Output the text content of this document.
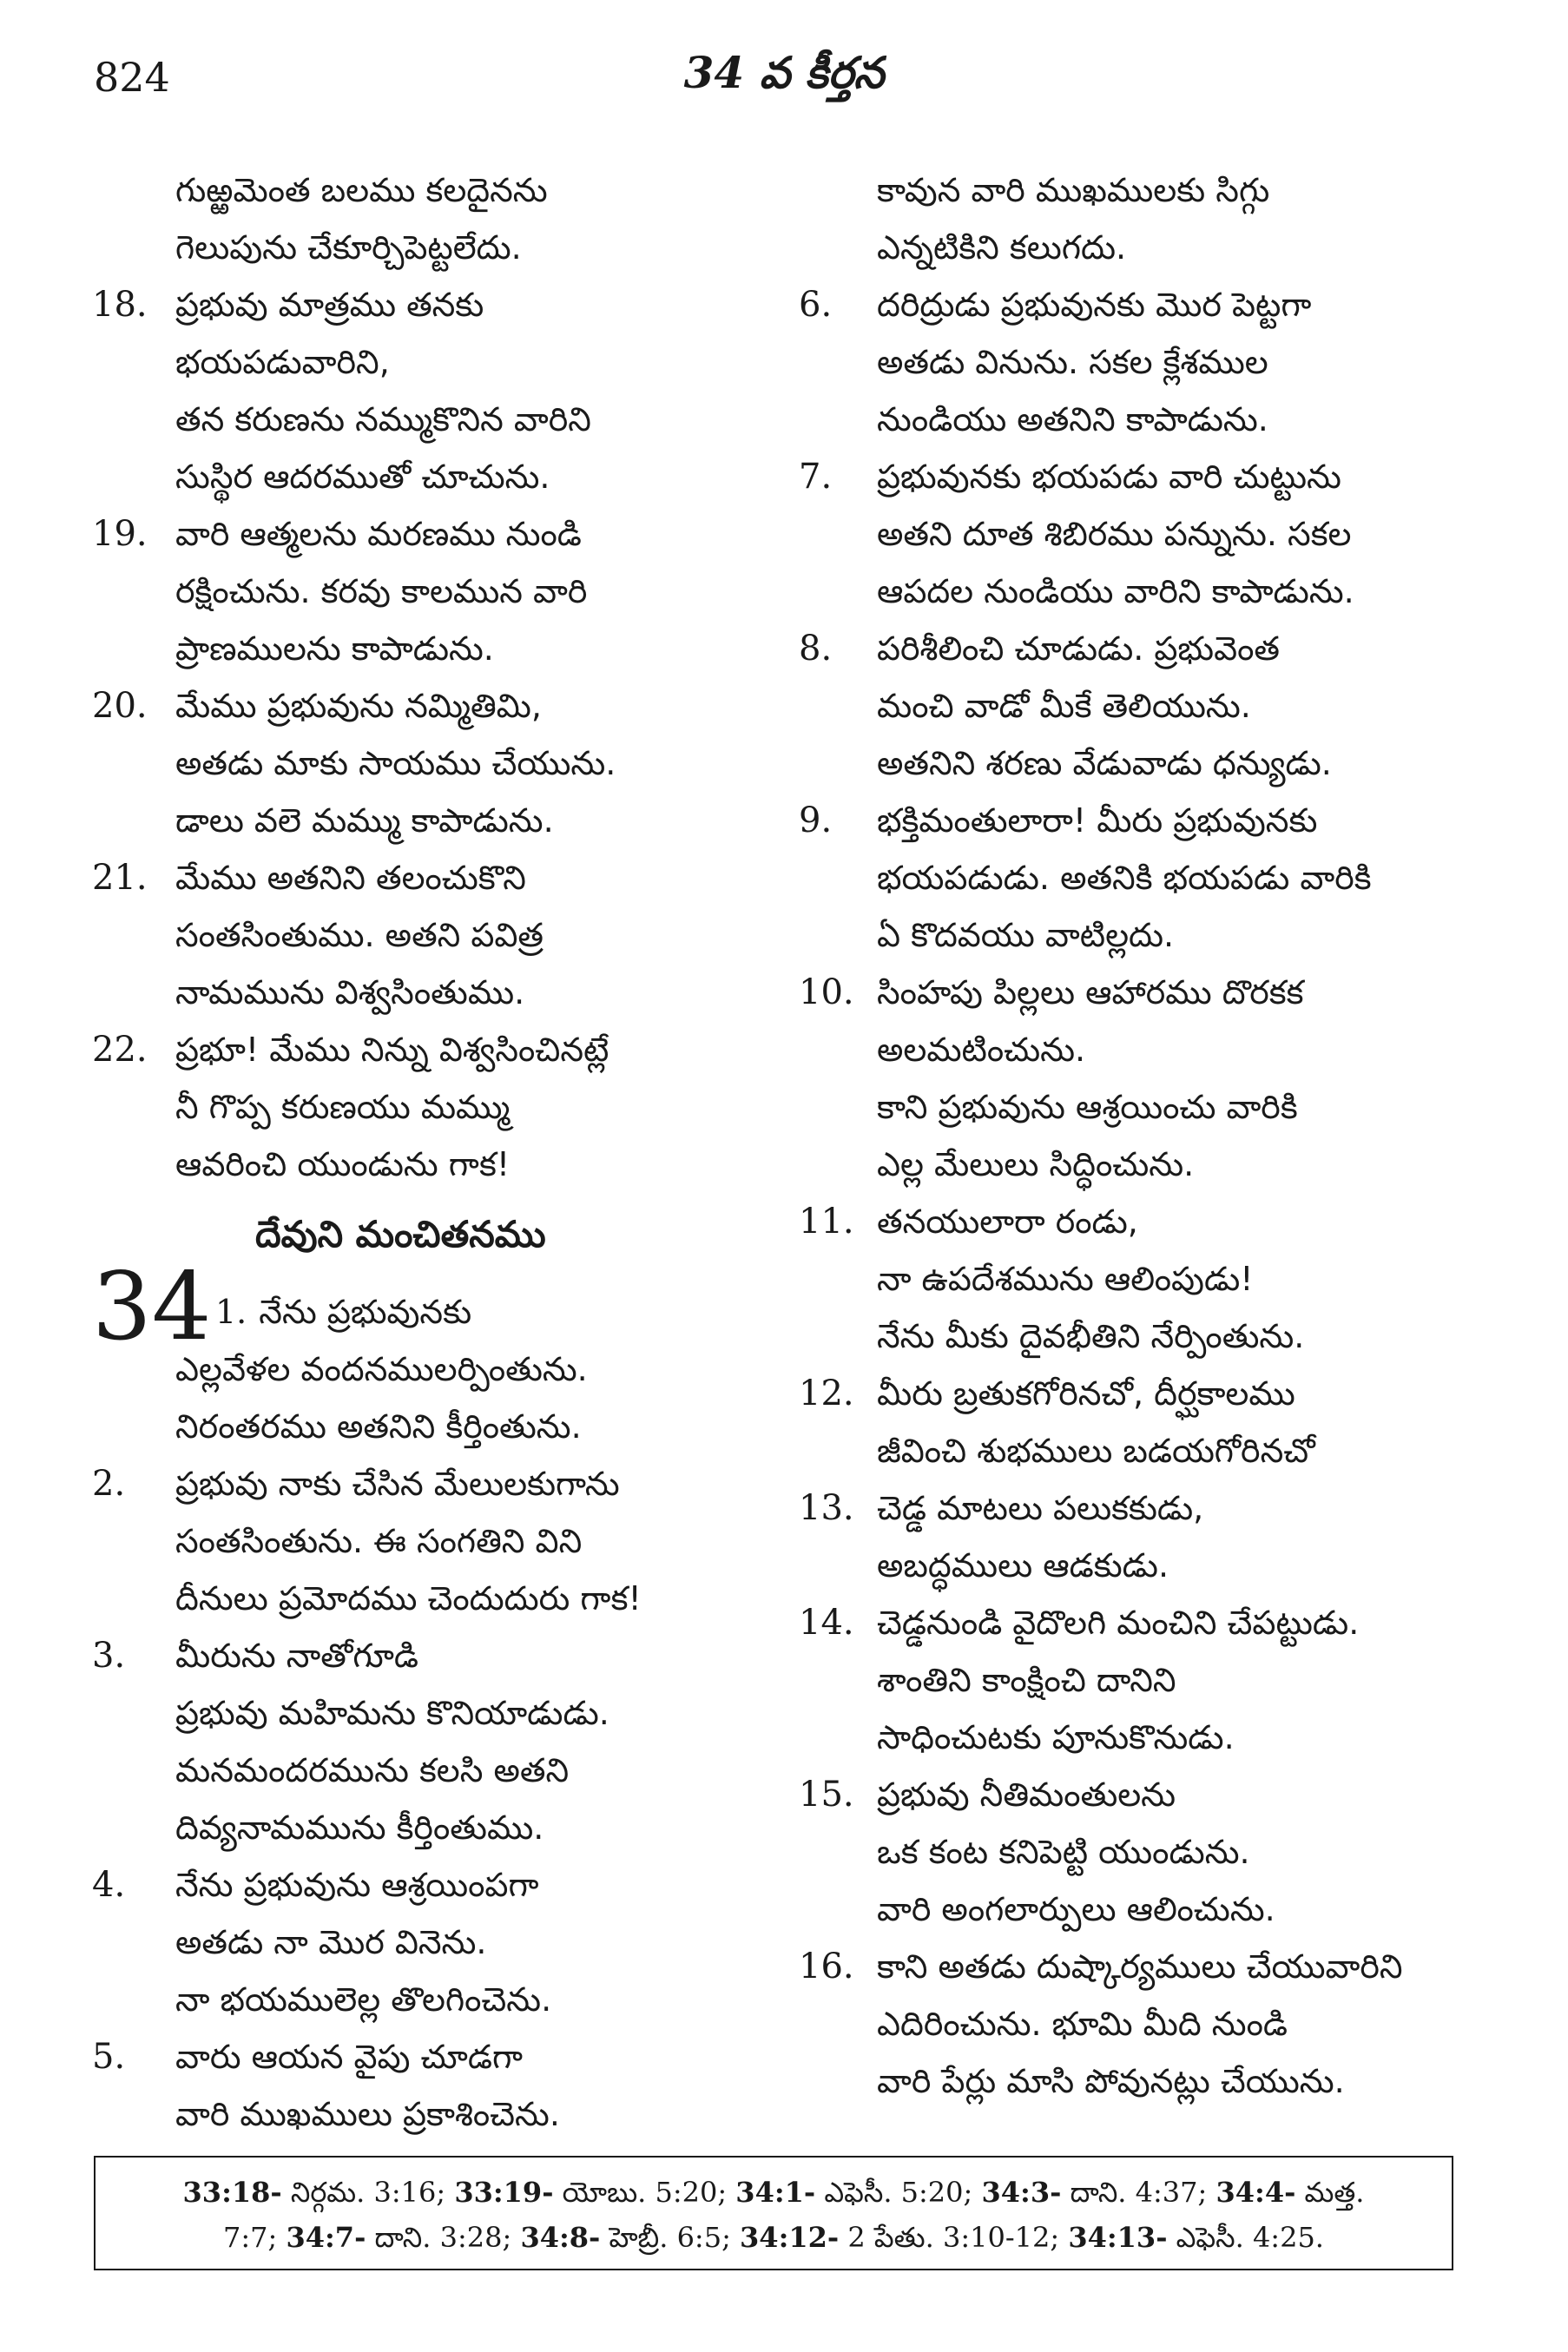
824	34 వ కీర్తన
గుఱ్ఱమెంత బలము కలదైనను
గెలుపును చేకూర్చిపెట్టలేదు.
18. ప్రభువు మాత్రము తనకు
భయపడువారిని,
తన కరుణను నమ్ముకొనిన వారిని
సుస్థిర ఆదరముతో చూచును.
19. వారి ఆత్మలను మరణము నుండి
రక్షించును. కరవు కాలమున వారి
ప్రాణములను కాపాడును.
20. మేము ప్రభువును నమ్మితిమి,
అతడు మాకు సాయము చేయును.
డాలు వలె మమ్ము కాపాడును.
21. మేము అతనిని తలంచుకొని
సంతసింతుము. అతని పవిత్ర
నామమును విశ్వసింతుము.
22. ప్రభూ! మేము నిన్ను విశ్వసించినట్లే
నీ గొప్ప కరుణయు మమ్ము
ఆవరించి యుండును గాక!
దేవుని మంచితనము
34 1. నేను ప్రభువునకు
ఎల్లవేళల వందనములర్పింతును.
నిరంతరము అతనిని కీర్తింతును.
2.	ప్రభువు నాకు చేసిన మేలులకుగాను
సంతసింతును. ఈ సంగతిని విని
దీనులు ప్రమోదము చెందుదురు గాక!
3.	మీరును నాతోగూడి
ప్రభువు మహిమను కొనియాడుడు.
మనమందరమును కలసి అతని
దివ్యనామమును కీర్తింతుము.
4.	నేను ప్రభువును ఆశ్రయింపగా
అతడు నా మొర వినెను.
నా భయములెల్ల తొలగించెను.
5.	వారు ఆయన వైపు చూడగా
వారి ముఖములు ప్రకాశించెను.
కావున వారి ముఖములకు సిగ్గు
ఎన్నటికిని కలుగదు.
6.	దరిద్రుడు ప్రభువునకు మొర పెట్టగా
అతడు వినును. సకల క్లేశముల
నుండియు అతనిని కాపాడును.
7.	ప్రభువునకు భయపడు వారి చుట్టును
అతని దూత శిబిరము పన్నును. సకల
ఆపదల నుండియు వారిని కాపాడును.
8.	పరిశీలించి చూడుడు. ప్రభువెంత
మంచి వాడో మీకే తెలియును.
అతనిని శరణు వేడువాడు ధన్యుడు.
9.	భక్తిమంతులారా! మీరు ప్రభువునకు
భయపడుడు. అతనికి భయపడు వారికి
ఏ కొదవయు వాటిల్లదు.
10. సింహపు పిల్లలు ఆహారము దొరకక
అలమటించును.
కాని ప్రభువును ఆశ్రయించు వారికి
ఎల్ల మేలులు సిద్ధించును.
11. తనయులారా రండు,
నా ఉపదేశమును ఆలింపుడు!
నేను మీకు దైవభీతిని నేర్పింతును.
12. మీరు బ్రతుకగోరినచో, దీర్ఘకాలము
జీవించి శుభములు బడయగోరినచో
13. చెడ్డ మాటలు పలుకకుడు,
అబద్ధములు ఆడకుడు.
14. చెడ్డనుండి వైదొలగి మంచిని చేపట్టుడు.
శాంతిని కాంక్షించి దానిని
సాధించుటకు పూనుకొనుడు.
15. ప్రభువు నీతిమంతులను
ఒక కంట కనిపెట్టి యుండును.
వారి అంగలార్పులు ఆలించును.
16. కాని అతడు దుష్కార్యములు చేయువారిని
ఎదిరించును. భూమి మీది నుండి
వారి పేర్లు మాసి పోవునట్లు చేయును.
33:18- నిర్గమ. 3:16; 33:19- యోబు. 5:20; 34:1- ఎఫెసీ. 5:20; 34:3- దాని. 4:37; 34:4- మత్త.
7:7; 34:7- దాని. 3:28; 34:8- హెబ్రీ. 6:5; 34:12- 2 పేతు. 3:10-12; 34:13- ఎఫెసీ. 4:25.
